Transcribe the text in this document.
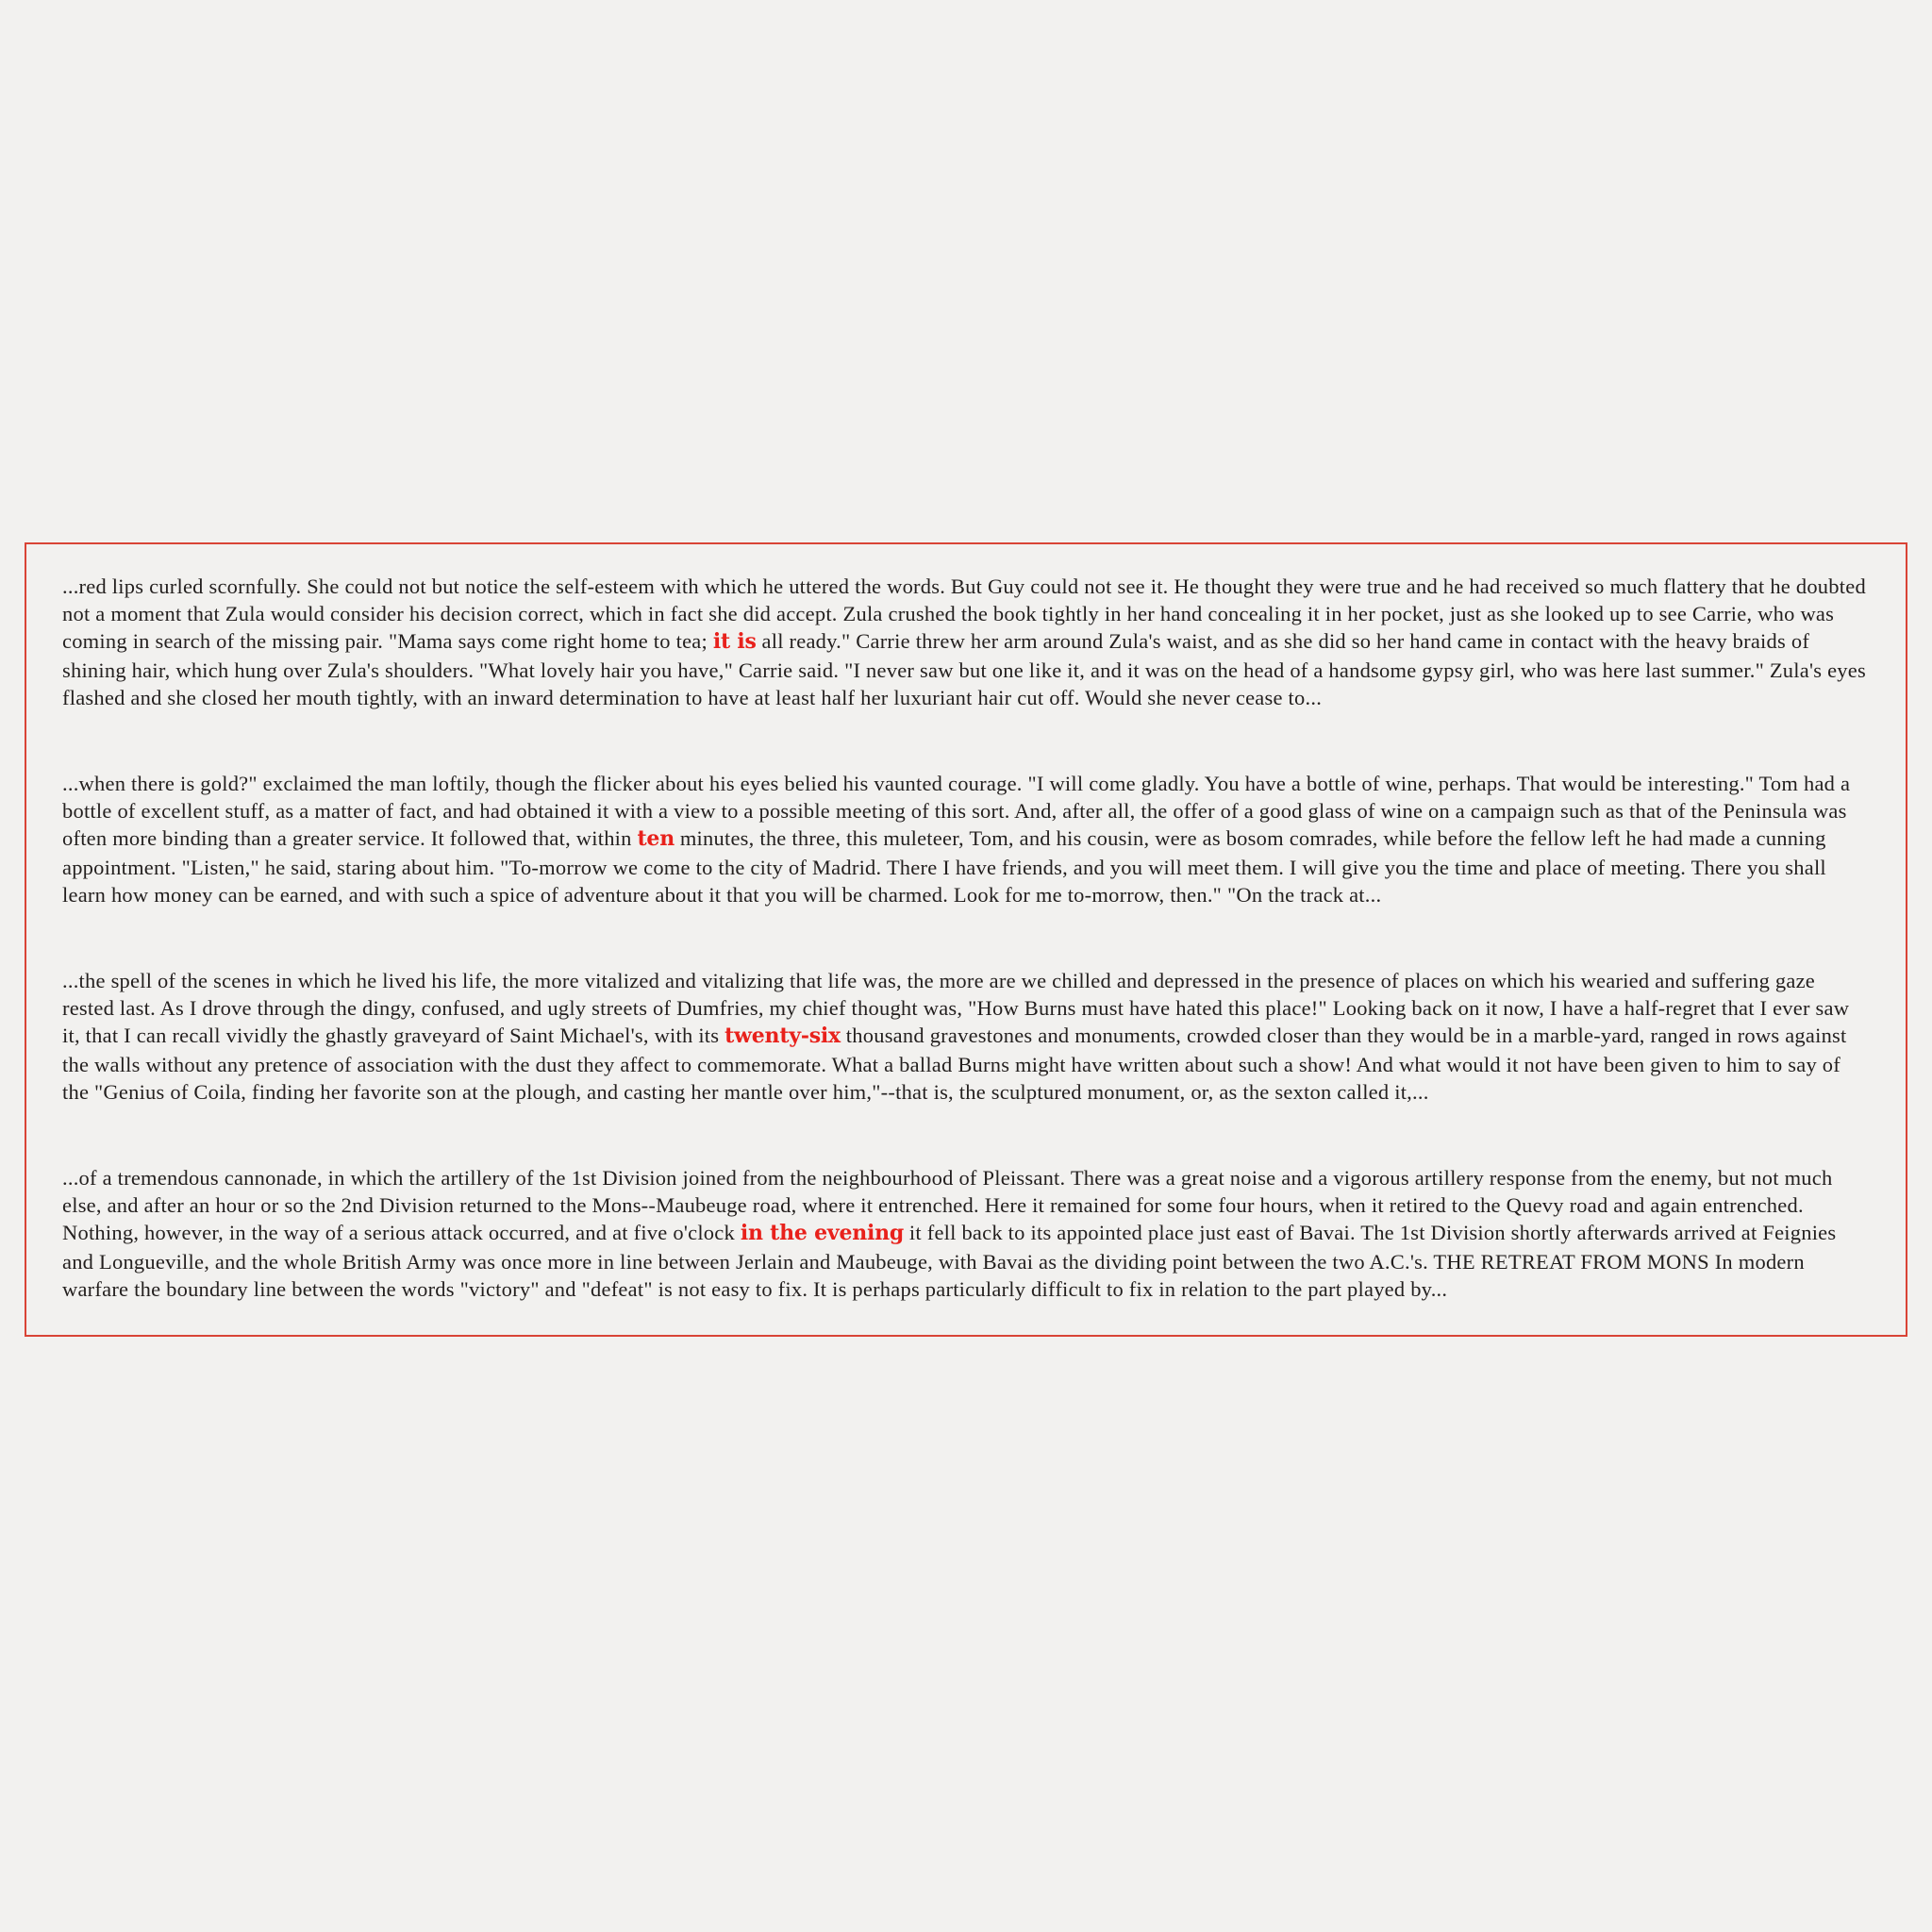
...red lips curled scornfully. She could not but notice the self-esteem with which he uttered the words. But Guy could not see it. He thought they were true and he had received so much flattery that he doubted not a moment that Zula would consider his decision correct, which in fact she did accept. Zula crushed the book tightly in her hand concealing it in her pocket, just as she looked up to see Carrie, who was coming in search of the missing pair. "Mama says come right home to tea; it is all ready." Carrie threw her arm around Zula's waist, and as she did so her hand came in contact with the heavy braids of shining hair, which hung over Zula's shoulders. "What lovely hair you have," Carrie said. "I never saw but one like it, and it was on the head of a handsome gypsy girl, who was here last summer." Zula's eyes flashed and she closed her mouth tightly, with an inward determination to have at least half her luxuriant hair cut off. Would she never cease to...

...when there is gold?" exclaimed the man loftily, though the flicker about his eyes belied his vaunted courage. "I will come gladly. You have a bottle of wine, perhaps. That would be interesting." Tom had a bottle of excellent stuff, as a matter of fact, and had obtained it with a view to a possible meeting of this sort. And, after all, the offer of a good glass of wine on a campaign such as that of the Peninsula was often more binding than a greater service. It followed that, within ten minutes, the three, this muleteer, Tom, and his cousin, were as bosom comrades, while before the fellow left he had made a cunning appointment. "Listen," he said, staring about him. "To-morrow we come to the city of Madrid. There I have friends, and you will meet them. I will give you the time and place of meeting. There you shall learn how money can be earned, and with such a spice of adventure about it that you will be charmed. Look for me to-morrow, then." "On the track at...

...the spell of the scenes in which he lived his life, the more vitalized and vitalizing that life was, the more are we chilled and depressed in the presence of places on which his wearied and suffering gaze rested last. As I drove through the dingy, confused, and ugly streets of Dumfries, my chief thought was, "How Burns must have hated this place!" Looking back on it now, I have a half-regret that I ever saw it, that I can recall vividly the ghastly graveyard of Saint Michael's, with its twenty-six thousand gravestones and monuments, crowded closer than they would be in a marble-yard, ranged in rows against the walls without any pretence of association with the dust they affect to commemorate. What a ballad Burns might have written about such a show! And what would it not have been given to him to say of the "Genius of Coila, finding her favorite son at the plough, and casting her mantle over him,"--that is, the sculptured monument, or, as the sexton called it,...

...of a tremendous cannonade, in which the artillery of the 1st Division joined from the neighbourhood of Pleissant. There was a great noise and a vigorous artillery response from the enemy, but not much else, and after an hour or so the 2nd Division returned to the Mons--Maubeuge road, where it entrenched. Here it remained for some four hours, when it retired to the Quevy road and again entrenched. Nothing, however, in the way of a serious attack occurred, and at five o'clock in the evening it fell back to its appointed place just east of Bavai. The 1st Division shortly afterwards arrived at Feignies and Longueville, and the whole British Army was once more in line between Jerlain and Maubeuge, with Bavai as the dividing point between the two A.C.'s. THE RETREAT FROM MONS In modern warfare the boundary line between the words "victory" and "defeat" is not easy to fix. It is perhaps particularly difficult to fix in relation to the part played by...
